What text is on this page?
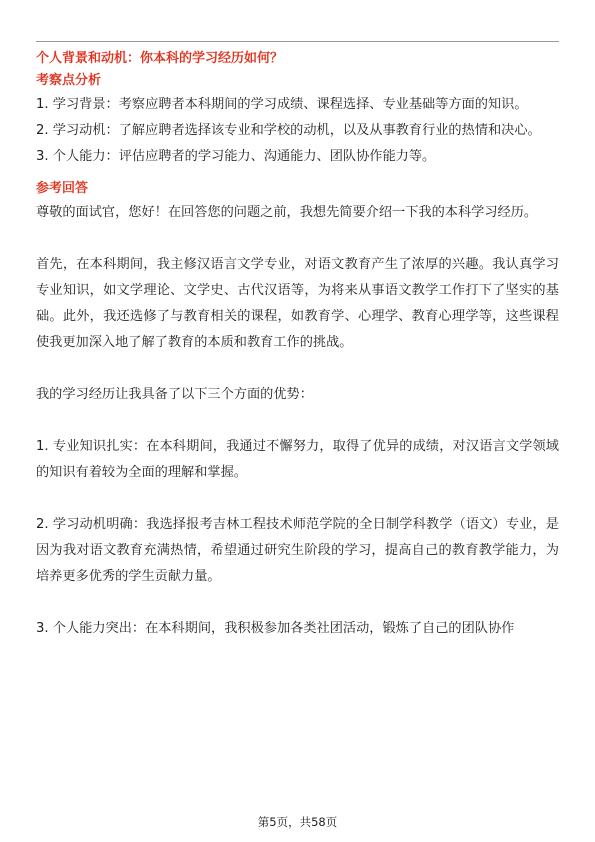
个人背景和动机：你本科的学习经历如何？

考察点分析

1. 学习背景：考察应聘者本科期间的学习成绩、课程选择、专业基础等方面的知识。

2. 学习动机：了解应聘者选择该专业和学校的动机，以及从事教育行业的热情和决心。

3. 个人能力：评估应聘者的学习能力、沟通能力、团队协作能力等。

参考回答

尊敬的面试官，您好！在回答您的问题之前，我想先简要介绍一下我的本科学习经历。

首先，在本科期间，我主修汉语言文学专业，对语文教育产生了浓厚的兴趣。我认真学习专业知识，如文学理论、文学史、古代汉语等，为将来从事语文教学工作打下了坚实的基础。此外，我还选修了与教育相关的课程，如教育学、心理学、教育心理学等，这些课程使我更加深入地了解了教育的本质和教育工作的挑战。

我的学习经历让我具备了以下三个方面的优势：

1. 专业知识扎实：在本科期间，我通过不懈努力，取得了优异的成绩，对汉语言文学领域的知识有着较为全面的理解和掌握。

2. 学习动机明确：我选择报考吉林工程技术师范学院的全日制学科教学（语文）专业，是因为我对语文教育充满热情，希望通过研究生阶段的学习，提高自己的教育教学能力，为培养更多优秀的学生贡献力量。

3. 个人能力突出：在本科期间，我积极参加各类社团活动，锻炼了自己的团队协作

第5页，共58页
